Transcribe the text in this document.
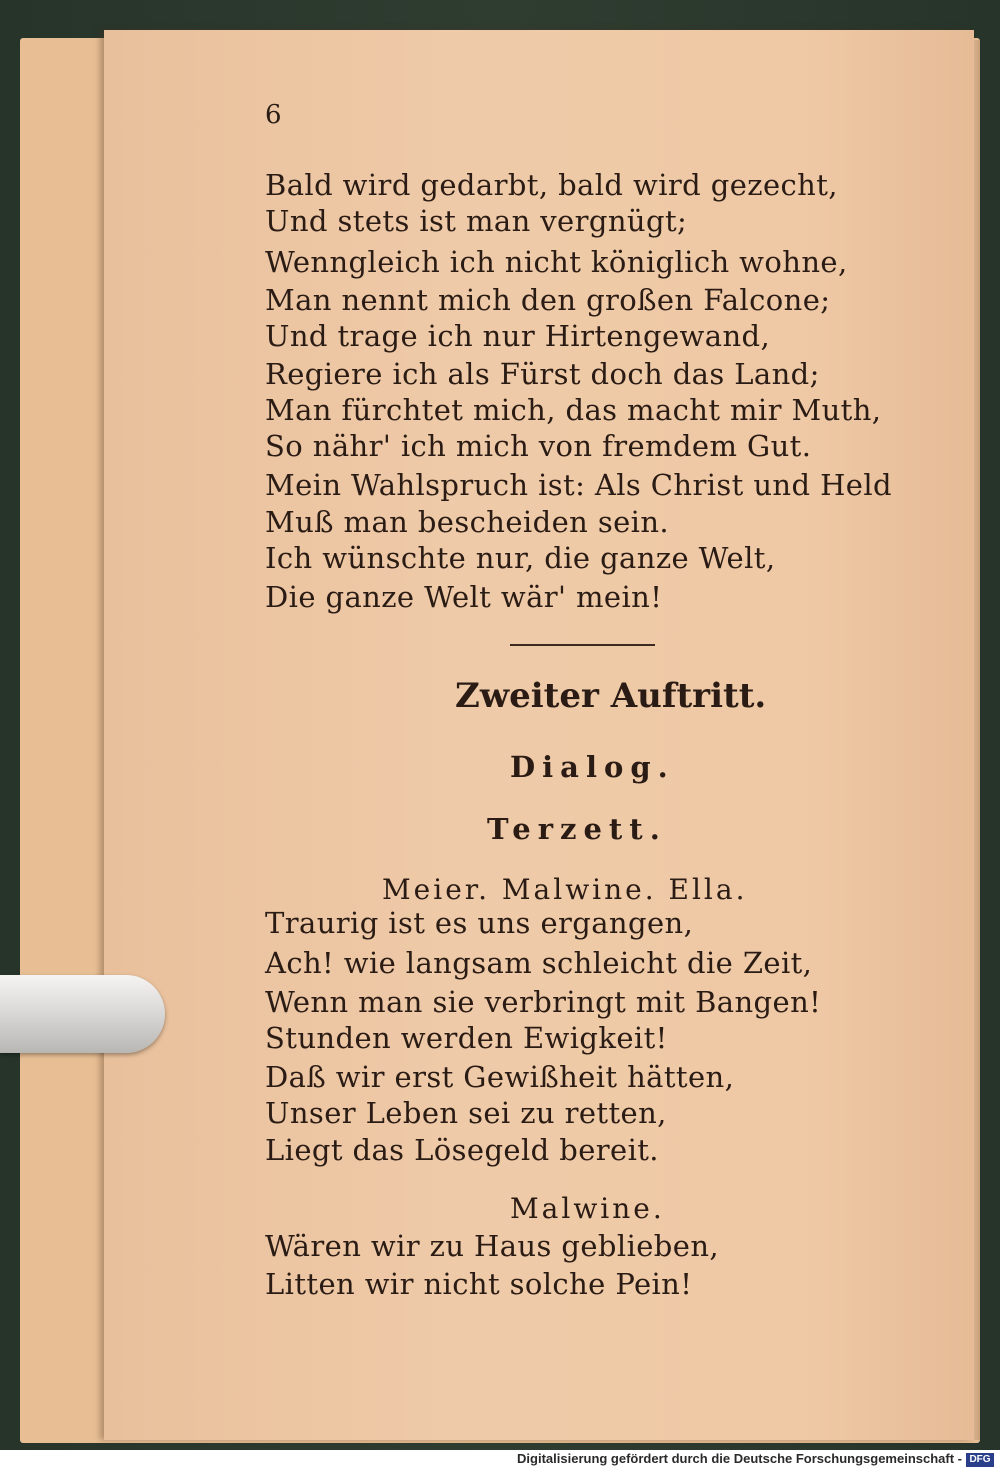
6
Bald wird gedarbt, bald wird gezecht,
Und stets ist man vergnügt;
Wenngleich ich nicht königlich wohne,
Man nennt mich den großen Falcone;
Und trage ich nur Hirtengewand,
Regiere ich als Fürst doch das Land;
Man fürchtet mich, das macht mir Muth,
So nähr' ich mich von fremdem Gut.
Mein Wahlspruch ist: Als Christ und Held
Muß man bescheiden sein.
Ich wünschte nur, die ganze Welt,
Die ganze Welt wär' mein!
Zweiter Auftritt.
Dialog.
Terzett.
Meier. Malwine. Ella.
Traurig ist es uns ergangen,
Ach! wie langsam schleicht die Zeit,
Wenn man sie verbringt mit Bangen!
Stunden werden Ewigkeit!
Daß wir erst Gewißheit hätten,
Unser Leben sei zu retten,
Liegt das Lösegeld bereit.
Malwine.
Wären wir zu Haus geblieben,
Litten wir nicht solche Pein!
Digitalisierung gefördert durch die Deutsche Forschungsgemeinschaft - DFG
